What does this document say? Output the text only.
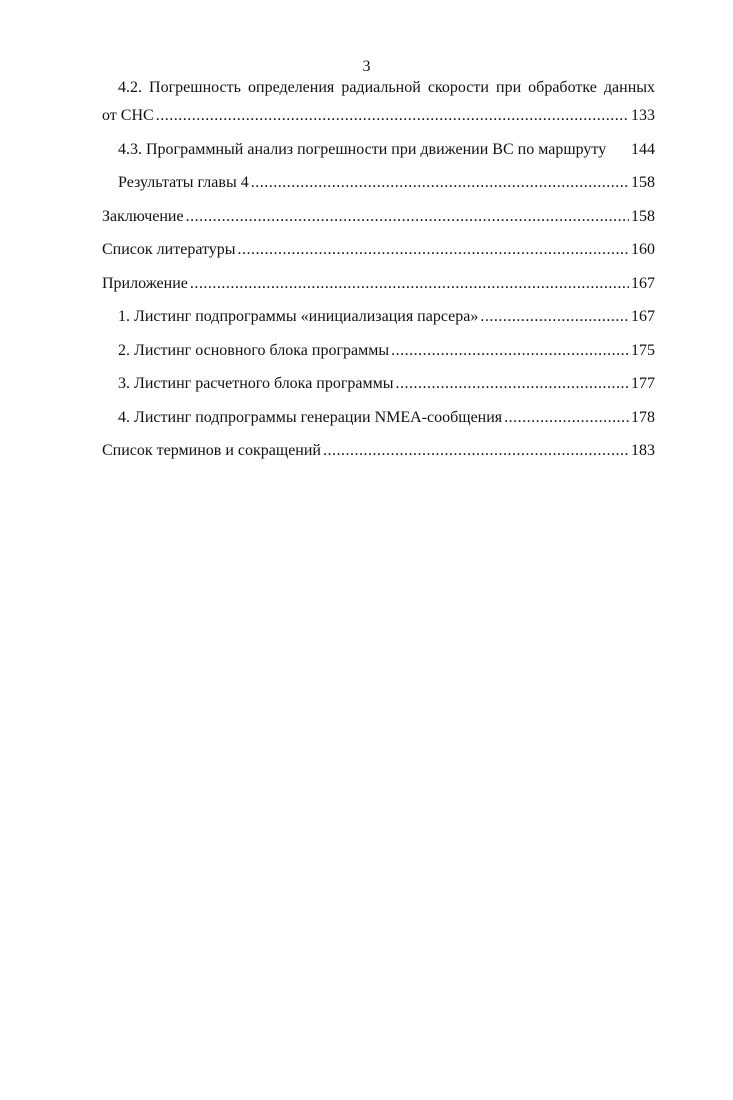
3
4.2. Погрешность определения радиальной скорости при обработке данных
от СНС .....	133
4.3. Программный анализ погрешности при движении ВС по маршруту 144
Результаты главы 4 .....	158
Заключение .....	158
Список литературы .....	160
Приложение .....	167
1. Листинг подпрограммы «инициализация парсера» .....	167
2. Листинг основного блока программы .....	175
3. Листинг расчетного блока программы .....	177
4. Листинг подпрограммы генерации NMEA-сообщения .....	178
Список терминов и сокращений .....	183
